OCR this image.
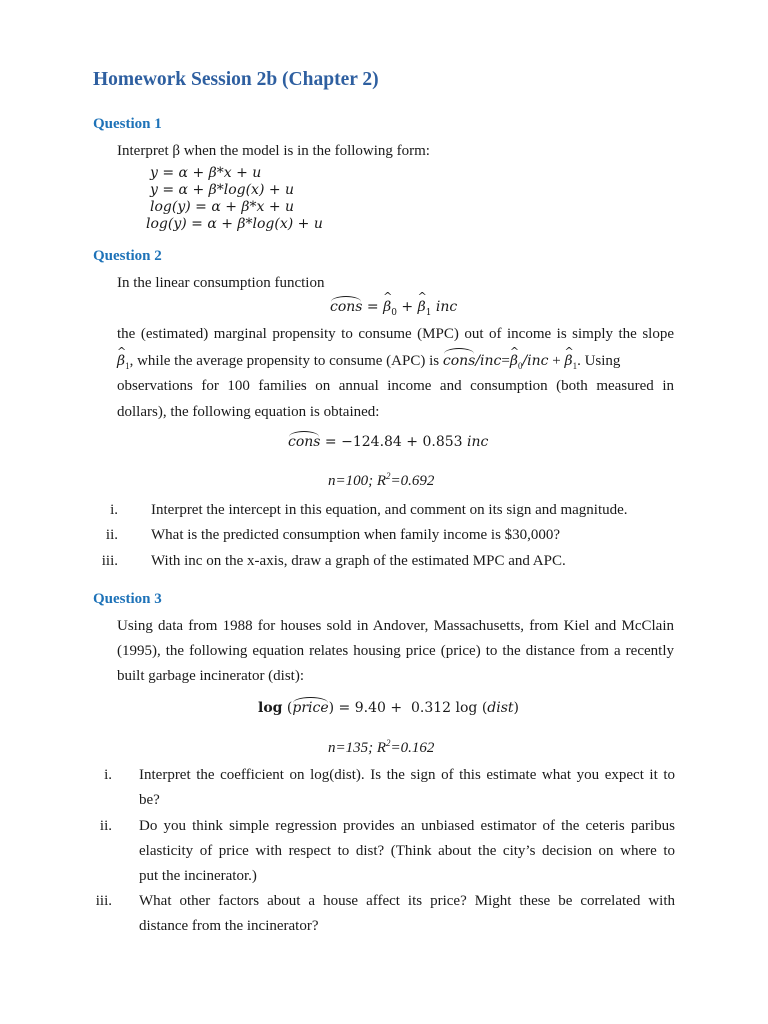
Homework Session 2b (Chapter 2)
Question 1
Interpret β when the model is in the following form:
y = α + β*x + u
y = α + β*log(x) + u
log(y) = α + β*x + u
log(y) = α + β*log(x) + u
Question 2
In the linear consumption function
cons = ^ $\beta_0$ + ^ $\beta_1$ inc
the (estimated) marginal propensity to consume (MPC) out of income is simply the slope
^ $\beta_1$, while the average propensity to consume (APC) is cons/inc=^ $\beta_0$/inc + ^ $\beta_1$. Using
observations for 100 families on annual income and consumption (both measured in
dollars), the following equation is obtained:
cons = −124.84 + 0.853 inc
n=100; $R^2=0.692$
i. Interpret the intercept in this equation, and comment on its sign and magnitude.
ii. What is the predicted consumption when family income is $30,000?
iii. With inc on the x-axis, draw a graph of the estimated MPC and APC.
Question 3
Using data from 1988 for houses sold in Andover, Massachusetts, from Kiel and McClain
(1995), the following equation relates housing price (price) to the distance from a recently
built garbage incinerator (dist):
log (price) = 9.40 +  0.312 log (dist)
n=135; $R^2=0.162$
i. Interpret the coefficient on log(dist). Is the sign of this estimate what you expect it to
be?
ii. Do you think simple regression provides an unbiased estimator of the ceteris paribus
elasticity of price with respect to dist? (Think about the city’s decision on where to
put the incinerator.)
iii. What other factors about a house affect its price? Might these be correlated with
distance from the incinerator?
